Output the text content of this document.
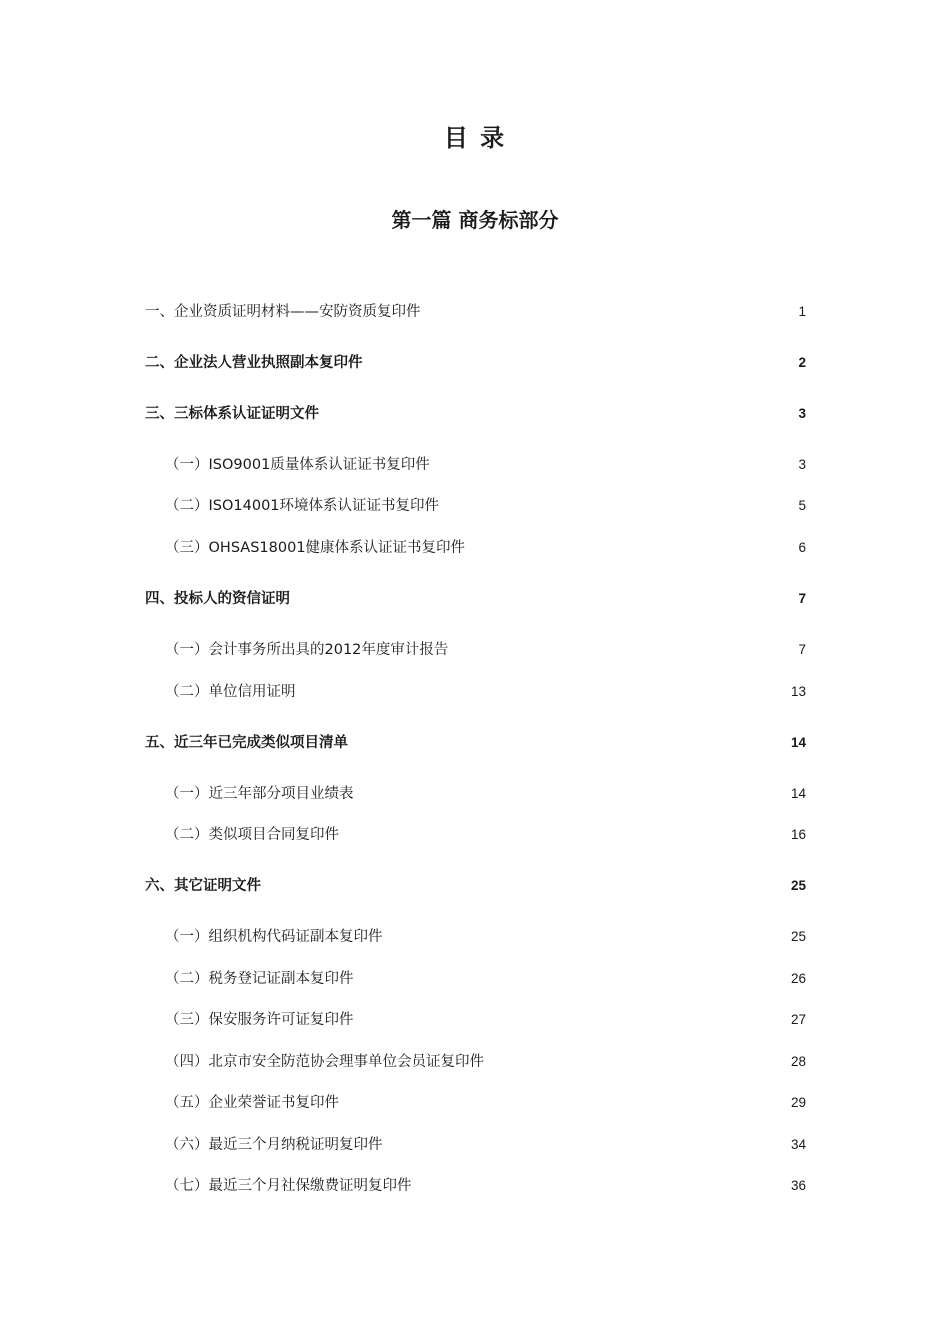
目 录
第一篇 商务标部分
一、企业资质证明材料——安防资质复印件	1
二、企业法人营业执照副本复印件	2
三、三标体系认证证明文件	3
（一）ISO9001质量体系认证证书复印件	3
（二）ISO14001环境体系认证证书复印件	5
（三）OHSAS18001健康体系认证证书复印件	6
四、投标人的资信证明	7
（一）会计事务所出具的2012年度审计报告	7
（二）单位信用证明	13
五、近三年已完成类似项目清单	14
（一）近三年部分项目业绩表	14
（二）类似项目合同复印件	16
六、其它证明文件	25
（一）组织机构代码证副本复印件	25
（二）税务登记证副本复印件	26
（三）保安服务许可证复印件	27
（四）北京市安全防范协会理事单位会员证复印件	28
（五）企业荣誉证书复印件	29
（六）最近三个月纳税证明复印件	34
（七）最近三个月社保缴费证明复印件	36
